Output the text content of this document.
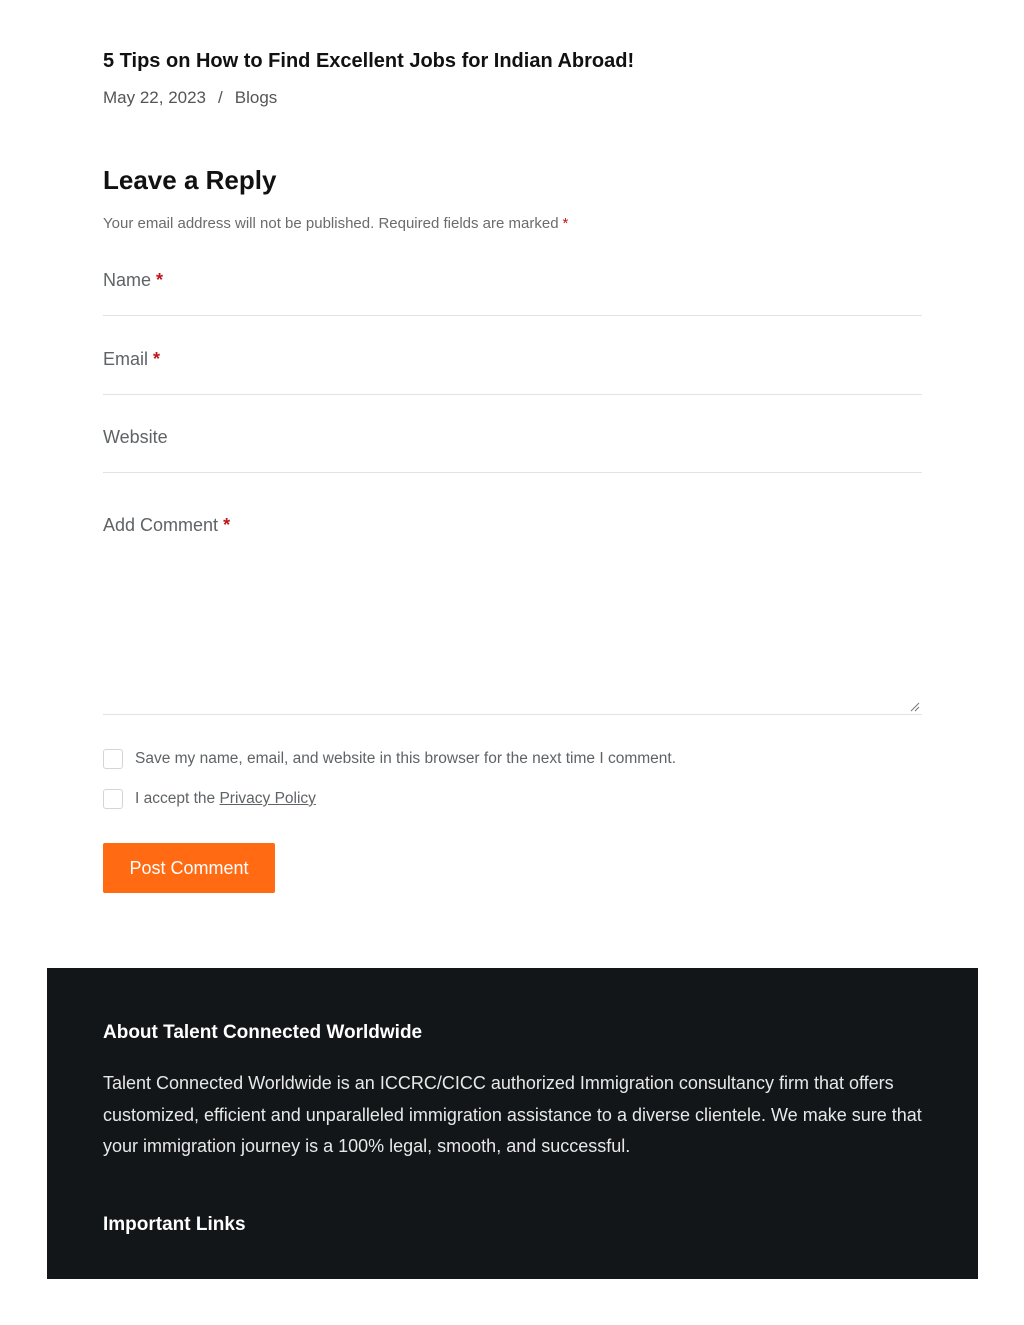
5 Tips on How to Find Excellent Jobs for Indian Abroad!
May 22, 2023 / Blogs
Leave a Reply

Your email address will not be published. Required fields are marked *

Name *
Email *
Website
Add Comment *
Save my name, email, and website in this browser for the next time I comment.
I accept the Privacy Policy
Post Comment
About Talent Connected Worldwide

Talent Connected Worldwide is an ICCRC/CICC authorized Immigration consultancy firm that offers customized, efficient and unparalleled immigration assistance to a diverse clientele. We make sure that your immigration journey is a 100% legal, smooth, and successful.

Important Links
